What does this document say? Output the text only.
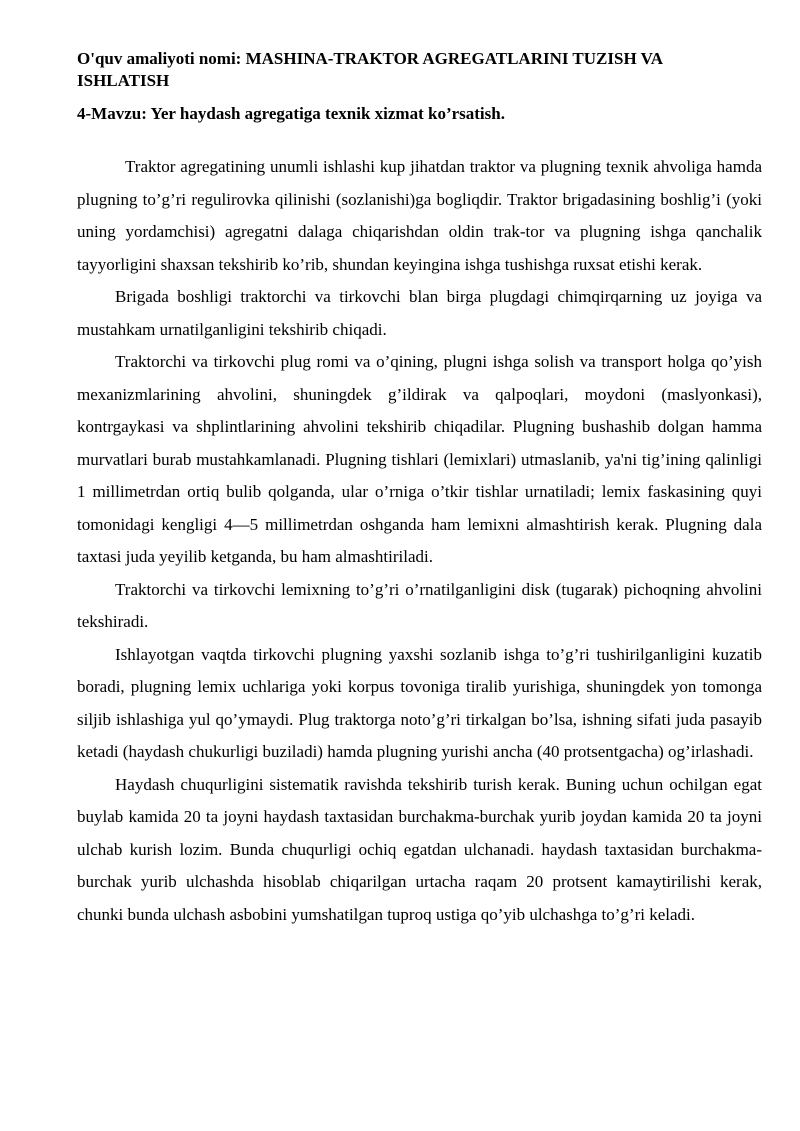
O'quv amaliyoti nomi: MASHINA-TRAKTOR AGREGATLARINI TUZISH VA ISHLATISH
4-Mavzu: Yer haydash agregatiga texnik xizmat ko’rsatish.

Traktor agregatining unumli ishlashi kup jihatdan traktor va plugning texnik ahvoliga hamda plugning to’g’ri regulirovka qilinishi (sozlanishi)ga bogliqdir. Traktor brigadasining boshlig’i (yoki uning yordamchisi) agregatni dalaga chiqarishdan oldin trak-tor va plugning ishga qanchalik tayyorligini shaxsan tekshirib ko’rib, shundan keyingina ishga tushishga ruxsat etishi kerak.

Brigada boshligi traktorchi va tirkovchi blan birga plugdagi chimqirqarning uz joyiga va mustahkam urnatilganligini tekshirib chiqadi.

Traktorchi va tirkovchi plug romi va o’qining, plugni ishga solish va transport holga qo’yish mexanizmlarining ahvolini, shuningdek g’ildirak va qalpoqlari, moydoni (maslyonkasi), kontrgaykasi va shplintlarining ahvolini tekshirib chiqadilar. Plugning bushashib dolgan hamma murvatlari burab mustahkamlanadi. Plugning tishlari (lemixlari) utmaslanib, ya'ni tig’ining qalinligi 1 millimetrdan ortiq bulib qolganda, ular o’rniga o’tkir tishlar urnatiladi; lemix faskasining quyi tomonidagi kengligi 4—5 millimetrdan oshganda ham lemixni almashtirish kerak. Plugning dala taxtasi juda yeyilib ketganda, bu ham almashtiriladi.

Traktorchi va tirkovchi lemixning to’g’ri o’rnatilganligini disk (tugarak) pichoqning ahvolini tekshiradi.

Ishlayotgan vaqtda tirkovchi plugning yaxshi sozlanib ishga to’g’ri tushirilganligini kuzatib boradi, plugning lemix uchlariga yoki korpus tovoniga tiralib yurishiga, shuningdek yon tomonga siljib ishlashiga yul qo’ymaydi. Plug traktorga noto’g’ri tirkalgan bo’lsa, ishning sifati juda pasayib ketadi (haydash chukurligi buziladi) hamda plugning yurishi ancha (40 protsentgacha) og’irlashadi.

Haydash chuqurligini sistematik ravishda tekshirib turish kerak. Buning uchun ochilgan egat buylab kamida 20 ta joyni haydash taxtasidan burchakma-burchak yurib joydan kamida 20 ta joyni ulchab kurish lozim. Bunda chuqurligi ochiq egatdan ulchanadi. haydash taxtasidan burchakma-burchak yurib ulchashda hisoblab chiqarilgan urtacha raqam 20 protsent kamaytirilishi kerak, chunki bunda ulchash asbobini yumshatilgan tuproq ustiga qo’yib ulchashga to’g’ri keladi.
